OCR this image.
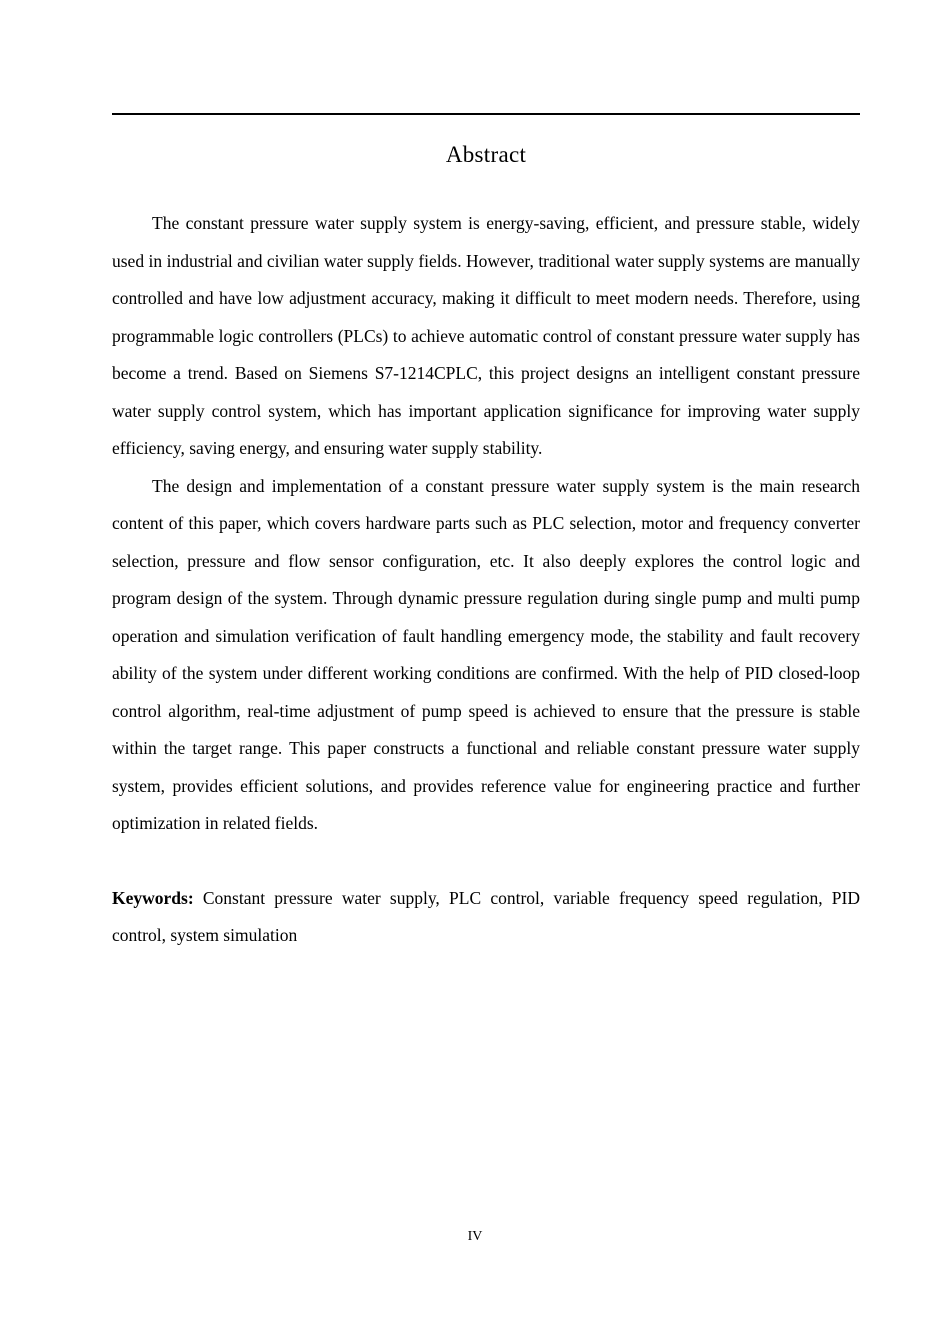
Abstract

The constant pressure water supply system is energy-saving, efficient, and pressure stable, widely used in industrial and civilian water supply fields. However, traditional water supply systems are manually controlled and have low adjustment accuracy, making it difficult to meet modern needs. Therefore, using programmable logic controllers (PLCs) to achieve automatic control of constant pressure water supply has become a trend. Based on Siemens S7-1214CPLC, this project designs an intelligent constant pressure water supply control system, which has important application significance for improving water supply efficiency, saving energy, and ensuring water supply stability.

The design and implementation of a constant pressure water supply system is the main research content of this paper, which covers hardware parts such as PLC selection, motor and frequency converter selection, pressure and flow sensor configuration, etc. It also deeply explores the control logic and program design of the system. Through dynamic pressure regulation during single pump and multi pump operation and simulation verification of fault handling emergency mode, the stability and fault recovery ability of the system under different working conditions are confirmed. With the help of PID closed-loop control algorithm, real-time adjustment of pump speed is achieved to ensure that the pressure is stable within the target range. This paper constructs a functional and reliable constant pressure water supply system, provides efficient solutions, and provides reference value for engineering practice and further optimization in related fields.

Keywords: Constant pressure water supply, PLC control, variable frequency speed regulation, PID control, system simulation

IV
